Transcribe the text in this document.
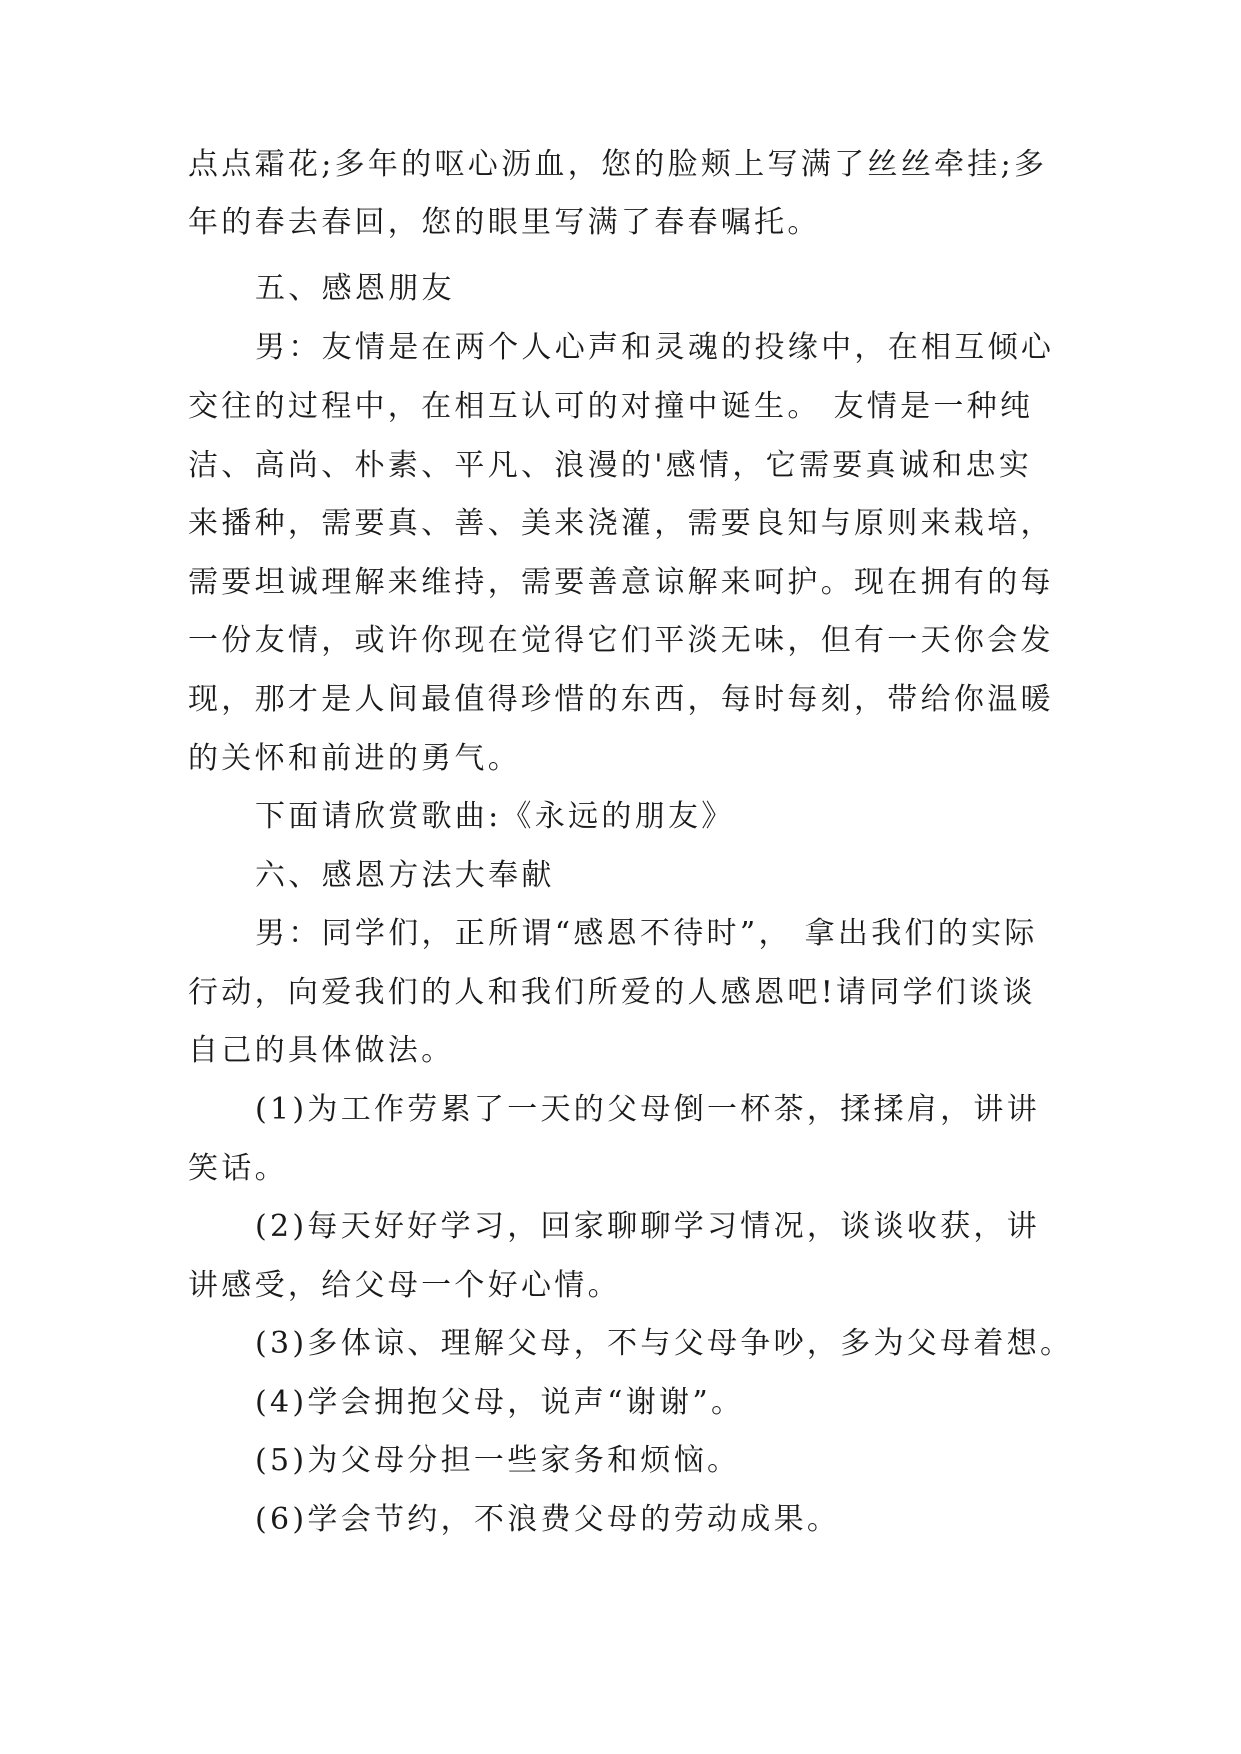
点点霜花;多年的呕心沥血，您的脸颊上写满了丝丝牵挂;多
年的春去春回，您的眼里写满了春春嘱托。
五、感恩朋友
男：友情是在两个人心声和灵魂的投缘中，在相互倾心
交往的过程中，在相互认可的对撞中诞生。 友情是一种纯
洁、高尚、朴素、平凡、浪漫的'感情，它需要真诚和忠实
来播种，需要真、善、美来浇灌，需要良知与原则来栽培，
需要坦诚理解来维持，需要善意谅解来呵护。现在拥有的每
一份友情，或许你现在觉得它们平淡无味，但有一天你会发
现，那才是人间最值得珍惜的东西，每时每刻，带给你温暖
的关怀和前进的勇气。
下面请欣赏歌曲:《永远的朋友》
六、感恩方法大奉献
男：同学们，正所谓“感恩不待时”， 拿出我们的实际
行动，向爱我们的人和我们所爱的人感恩吧!请同学们谈谈
自己的具体做法。
(1)为工作劳累了一天的父母倒一杯茶，揉揉肩，讲讲
笑话。
(2)每天好好学习，回家聊聊学习情况，谈谈收获，讲
讲感受，给父母一个好心情。
(3)多体谅、理解父母，不与父母争吵，多为父母着想。
(4)学会拥抱父母，说声“谢谢”。
(5)为父母分担一些家务和烦恼。
(6)学会节约，不浪费父母的劳动成果。
